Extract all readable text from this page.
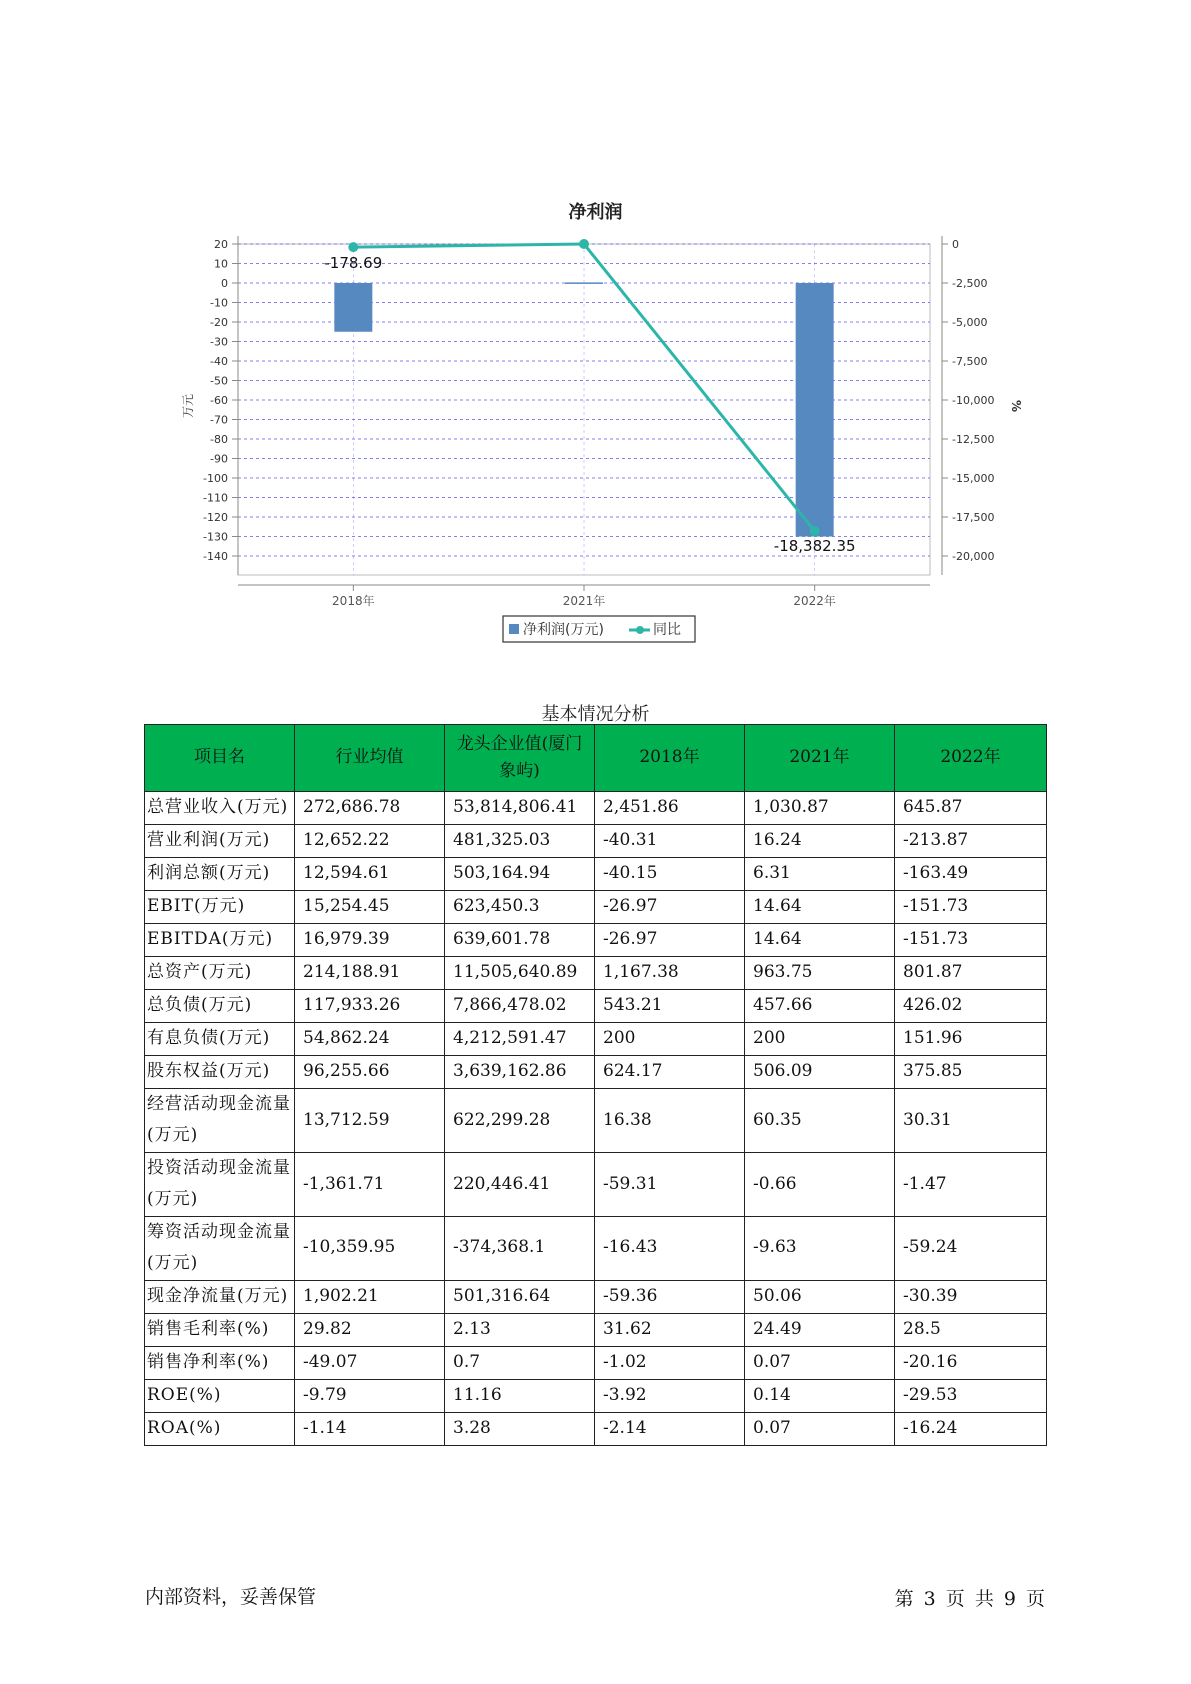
净利润
20
10
0
-10
-20
-30
-40
-50
-60
-70
-80
-90
-100
-110
-120
-130
-140
0
-2,500
-5,000
-7,500
-10,000
-12,500
-15,000
-17,500
-20,000
2018年	2021年	2022年
万元	%
-178.69
-18,382.35
净利润(万元)	同比
基本情况分析
项目名	行业均值	龙头企业值(厦门象屿)	2018年	2021年	2022年
总营业收入(万元)	272,686.78	53,814,806.41	2,451.86	1,030.87	645.87
营业利润(万元)	12,652.22	481,325.03	-40.31	16.24	-213.87
利润总额(万元)	12,594.61	503,164.94	-40.15	6.31	-163.49
EBIT(万元)	15,254.45	623,450.3	-26.97	14.64	-151.73
EBITDA(万元)	16,979.39	639,601.78	-26.97	14.64	-151.73
总资产(万元)	214,188.91	11,505,640.89	1,167.38	963.75	801.87
总负债(万元)	117,933.26	7,866,478.02	543.21	457.66	426.02
有息负债(万元)	54,862.24	4,212,591.47	200	200	151.96
股东权益(万元)	96,255.66	3,639,162.86	624.17	506.09	375.85
经营活动现金流量(万元)	13,712.59	622,299.28	16.38	60.35	30.31
投资活动现金流量(万元)	-1,361.71	220,446.41	-59.31	-0.66	-1.47
筹资活动现金流量(万元)	-10,359.95	-374,368.1	-16.43	-9.63	-59.24
现金净流量(万元)	1,902.21	501,316.64	-59.36	50.06	-30.39
销售毛利率(%)	29.82	2.13	31.62	24.49	28.5
销售净利率(%)	-49.07	0.7	-1.02	0.07	-20.16
ROE(%)	-9.79	11.16	-3.92	0.14	-29.53
ROA(%)	-1.14	3.28	-2.14	0.07	-16.24
内部资料，妥善保管	第 3 页 共 9 页
